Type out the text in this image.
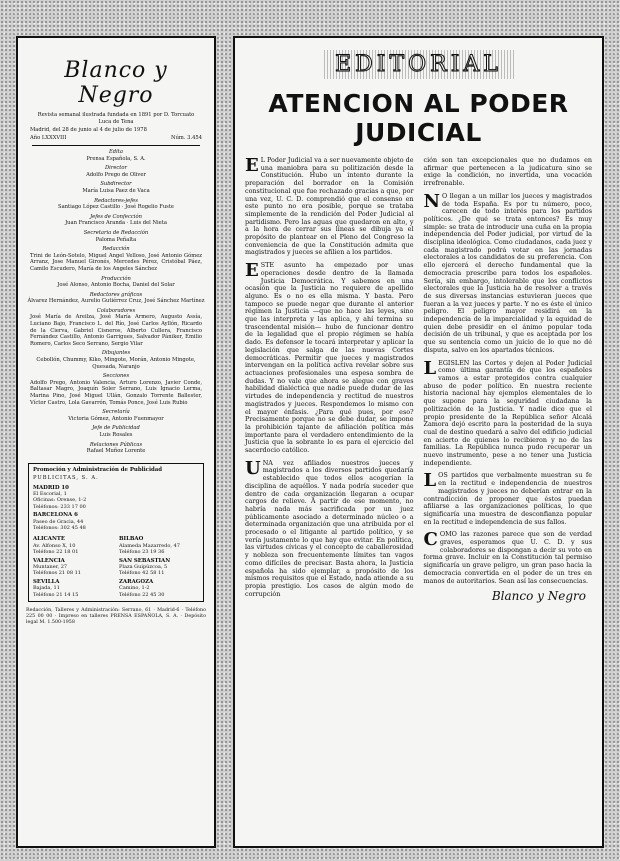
Blanco y Negro
Revista semanal ilustrada fundada en 1891 por D. Torcuato Luca de Tena
Madrid, del 28 de junio al 4 de julio de 1978
Año LXXXVIII	Núm. 3.454
Edita
Prensa Española, S. A.
Director
Adolfo Prego de Oliver
Subdirector
María Luisa Paez de Vaca
Redactores-jefes
Santiago López Castillo · José Rogelio Fuste
Jefes de Confección
Juan Francisco Aranda · Luis del Nieta
Secretaria de Redacción
Paloma Peñalta
Redacción
Trini de León-Sotelo, Miguel Angel Velloso, José Antonio Gómez Arranz, Jose Manuel Gironés, Mercedes Pérez, Cristóbal Páez, Camilo Escudero, María de los Angeles Sánchez
Producción
José Alonso, Antonio Bocha, Daniel del Solar
Redactores gráficos
Álvarez Hernández, Aurelio Gutiérrez Cruz, José Sánchez Martínez
Colaboradores
José María de Areilza, José María Armero, Augusto Assía, Luciano Bajo, Francisco L. del Río, José Carlos Ayllón, Ricardo de la Cierva, Gabriel Cisneros, Alberto Cullera, Francisco Fernández Castillo, Antonio Garrigues, Salvador Pániker, Emilio Romero, Carlos Seco Serrano, Sergio Vilar
Dibujantes
Cebollón, Chummy, Kiko, Mingote, Morán, Antonio Mingote, Quesada, Naranjo
Secciones
Adolfo Prego, Antonio Valencia, Arturo Lorenzo, Javier Conde, Baltasar Magro, Joaquín Soler Serrano, Luis Ignacio Lerma, Marina Pino, José Miguel Ullán, Gonzalo Torrente Ballester, Víctor Castro, Lola Gavarrón, Tomás Ponce, José Luis Rubio
Secretaría
Victoria Gómez, Antonio Fuenmayor
Jefe de Publicidad
Luis Rosales
Relaciones Públicas
Rafael Muñoz Lorente
Promoción y Administración de Publicidad
PUBLICITAS, S. A.
MADRID 10
El Escorial, 1
Oficinas: Orense, 1-2
Teléfonos: 233 17 00
BARCELONA 6
Paseo de Gracia, 44
Teléfonos: 302 45 48
ALICANTE
Av. Alfonso X, 10
Teléfono 22 18 01
BILBAO
Alameda Mazarredo, 47
Teléfono 23 19 36
VALENCIA
Muntaner, 27
Teléfonos 21 08 11
SAN SEBASTIAN
Plaza Guipúzcoa, 5
Teléfono 42 58 11
SEVILLA
Bajada, 11
Teléfono 21 14 15
ZARAGOZA
Camino, 1-2
Teléfono 22 45 30
Redacción, Talleres y Administración: Serrano, 61 · Madrid-6 · Teléfono 225 00 00 · Impreso en talleres PRENSA ESPAÑOLA, S. A. · Depósito legal M. 1.500-1958
EDITORIAL
ATENCION AL PODER JUDICIAL

E L Poder Judicial va a ser nuevamente objeto de una maniobra para su politización desde la Constitución. Hubo un intento durante la preparación del borrador en la Comisión constitucional que fue rechazado gracias a que, por una vez, U. C. D. comprendió que el consenso en este punto no era posible, porque se trataba simplemente de la rendición del Poder Judicial al partidismo. Pero las aguas que quedaron en alto, y a la hora de cerrar sus líneas se dibuja ya el propósito de plantear en el Pleno del Congreso la conveniencia de que la Constitución admita que magistrados y jueces se afilien a los partidos.

ESTE asunto ha empezado por unas operaciones desde dentro de la llamada Justicia Democrática. Y sabemos en una ocasión que la Justicia no requiere de apellido alguno. Es o no es ella misma. Y basta. Pero tampoco se puede negar que durante el anterior régimen la Justicia —que no hace las leyes, sino que las interpreta y las aplica, y ahí termina su trascendental misión— hubo de funcionar dentro de la legalidad que el propio régimen se había dado. Es defensor le tocará interpretar y aplicar la legislación que salga de las nuevas Cortes democráticas. Permitir que jueces y magistrados intervengan en la política activa revelar sobre sus actuaciones profesionales una espesa sombra de dudas. Y no vale que ahora se alegue con graves habilidad dialéctica que nadie puede dudar de las virtudes de independencia y rectitud de nuestros magistrados y jueces. Respondemos lo mismo con el mayor énfasis. ¿Para qué pues, por eso? Precisamente porque no se debe dudar, se impone la prohibición tajante de afiliación política más importante para el verdadero entendimiento de la Justicia que la sobrante lo es para el ejercicio del sacerdocio católico.

UNA vez afiliados nuestros jueces y magistrados a los diversos partidos quedaría establecido que todos ellos acogerían la disciplina de aquéllos. Y nada podría suceder que dentro de cada organización llegaran a ocupar cargos de relieve. A partir de ese momento, no habría nada más sacrificada por un juez públicamente asociado a determinado núcleo o a determinada organización que una atribuida por el procesado o el litigante al partido político, y se vería justamente lo que hay que evitar. En política, las virtudes cívicas y el concepto de caballerosidad y nobleza son frecuentemente límites tan vagos como difíciles de precisar. Basta ahora, la Justicia española ha sido ejemplar, a propósito de los mismos requisitos que el Estado, nada atiende a su propia prestigio. Los casos de algún modo de corrupción

ción son tan excepcionales que no dudamos en afirmar que pertenecen a la judicatura sino se exige la condición, no invertida, una vocación irrefrenable.

N O llegan a un millar los jueces y magistrados de toda España. Es por tu número, poco, carecen de todo interés para los partidos políticos. ¿De qué se trata entonces? Es muy simple: se trata de introducir una cuña en la propia independencia del Poder judicial, por virtud de la disciplina ideológica. Como ciudadanos, cada juez y cada magistrado podrá votar en las jornadas electorales a los candidatos de su preferencia. Con ello ejercerá el derecho fundamental que la democracia prescribe para todos los españoles. Sería, sin embargo, intolerable que los conflictos electorales que la Justicia ha de resolver a través de sus diversas instancias estuvieran jueces que fueran a la vez jueces y parte. Y no es éste el único peligro. El peligro mayor residirá en la independencia de la imparcialidad y la equidad de quien debe presidir en el ánimo popular toda decisión de un tribunal, y que es aceptada por los que su sentencia como un juicio de lo que no dé disputa, salvo en los apartados técnicos.

LEGISLEN las Cortes y dejen al Poder Judicial como última garantía de que los españoles vamos a estar protegidos contra cualquier abuso de poder político. En nuestra reciente historia nacional hay ejemplos elementales de lo que supone para la seguridad ciudadana la politización de la Justicia. Y nadie dice que el propio presidente de la República señor Alcalá Zamora dejó escrito para la posteridad de la suya cual de destino quedará a salvo del edificio judicial en acierto de quienes lo recibieron y no de las familias. La República nunca pudo recuperar un nuevo instrumento, pese a no tener una Justicia independiente.

LOS partidos que verbalmente muestran su fe en la rectitud e independencia de nuestros magistrados y jueces no deberían entrar en la contradicción de proponer que éstos puedan afiliarse a las organizaciones políticas, lo que significaría una muestra de desconfianza popular en la rectitud e independencia de sus fallos.

COMO las razones parece que son de verdad graves, esperamos que U. C. D. y sus colaboradores se dispongan a decir su voto en forma grave. Incluir en la Constitución tal permiso significaría un grave peligro, un gran paso hacia la democracia convertida en el poder de un tres en manos de autoritarios. Sean así las consecuencias.

Blanco y Negro
